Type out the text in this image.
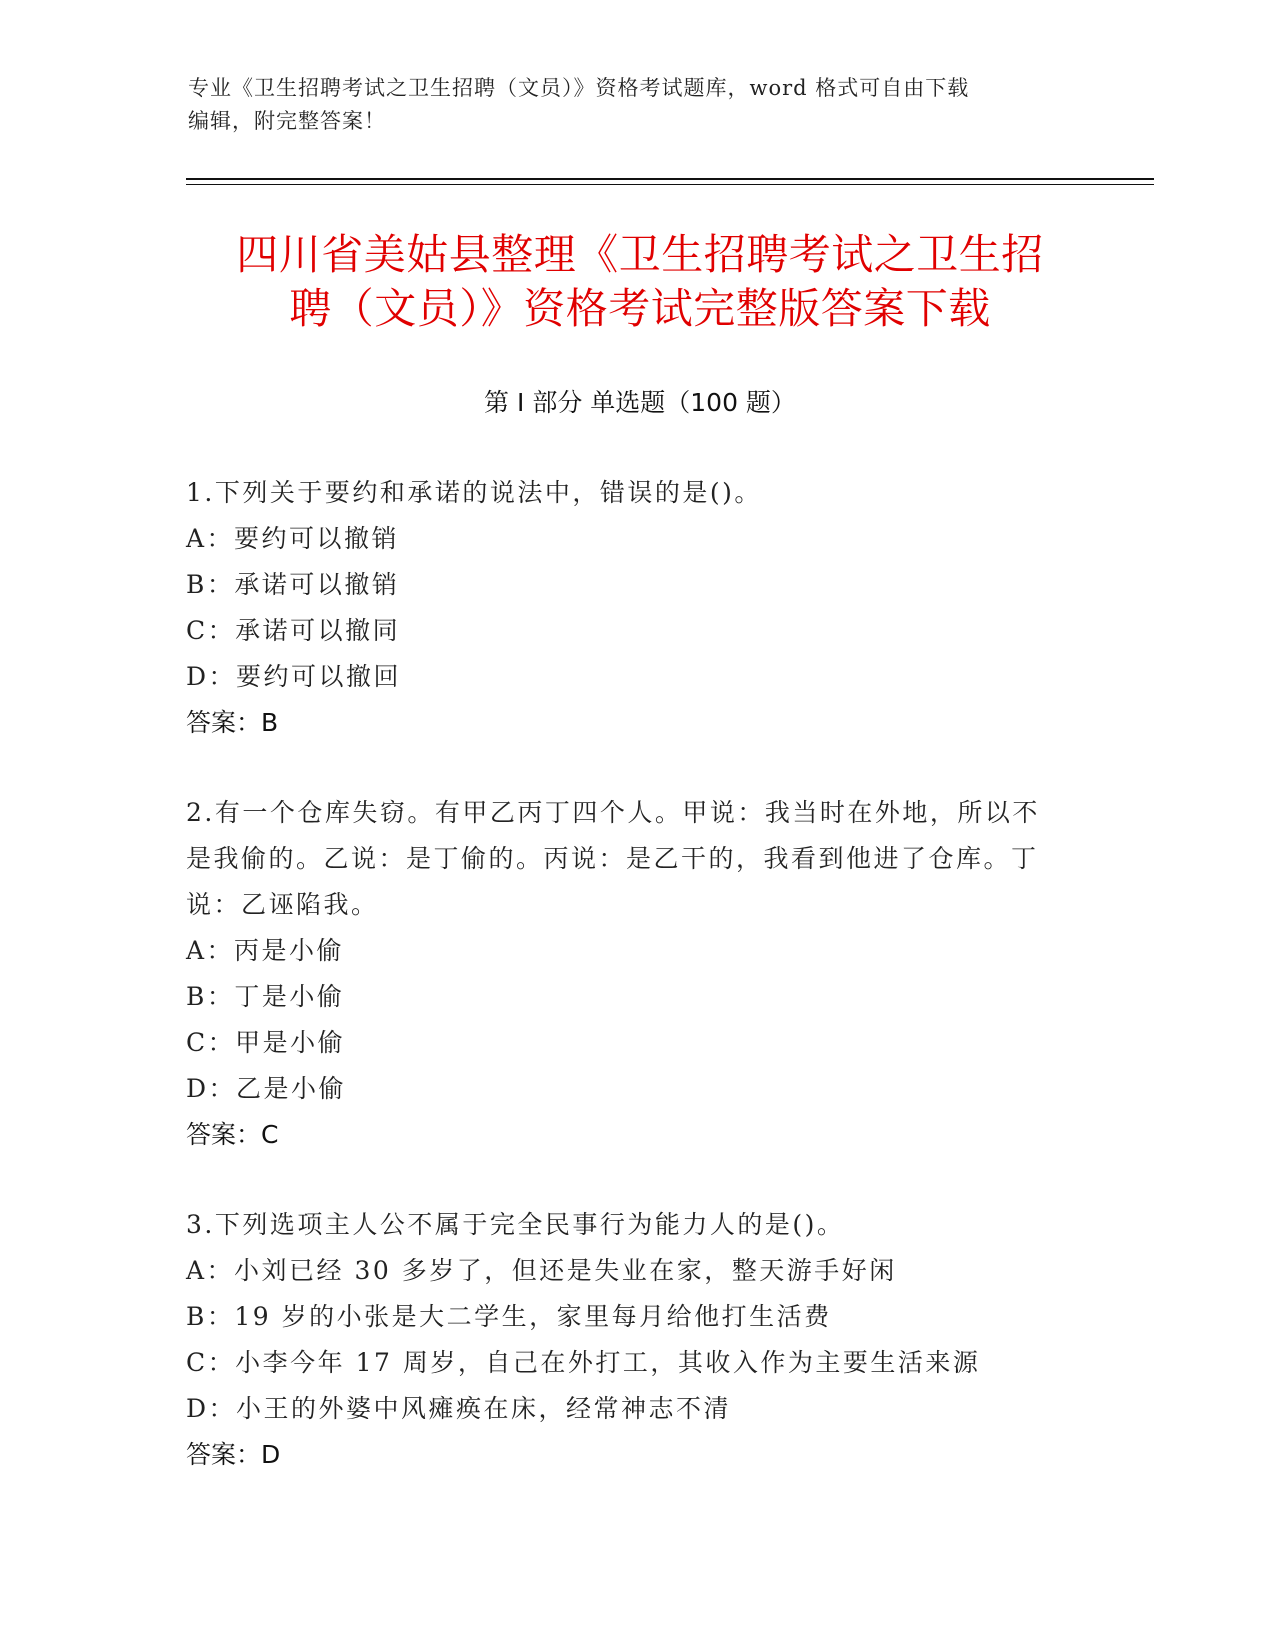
专业《卫生招聘考试之卫生招聘（文员）》资格考试题库，word 格式可自由下载
编辑，附完整答案！
四川省美姑县整理《卫生招聘考试之卫生招
聘（文员）》资格考试完整版答案下载
第 I 部分 单选题（100 题）
1.下列关于要约和承诺的说法中，错误的是()。
A：要约可以撤销
B：承诺可以撤销
C：承诺可以撤同
D：要约可以撤回
答案：B
2.有一个仓库失窃。有甲乙丙丁四个人。甲说：我当时在外地，所以不是我偷的。乙说：是丁偷的。丙说：是乙干的，我看到他进了仓库。丁说：乙诬陷我。
A：丙是小偷
B：丁是小偷
C：甲是小偷
D：乙是小偷
答案：C
3.下列选项主人公不属于完全民事行为能力人的是()。
A：小刘已经 30 多岁了，但还是失业在家，整天游手好闲
B：19 岁的小张是大二学生，家里每月给他打生活费
C：小李今年 17 周岁，自己在外打工，其收入作为主要生活来源
D：小王的外婆中风瘫痪在床，经常神志不清
答案：D
